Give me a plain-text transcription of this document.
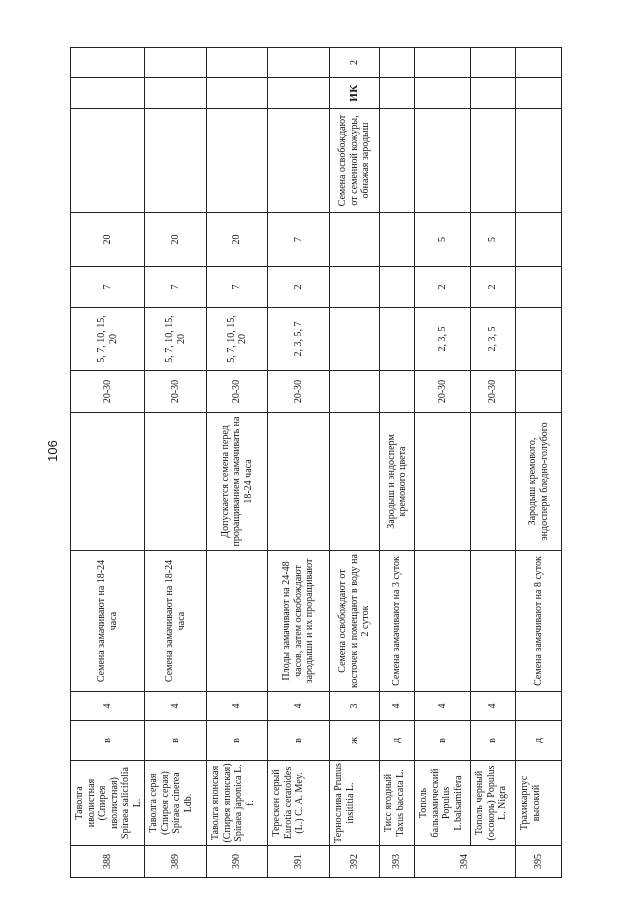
106
388	Таволга иволистная (Спирея иволистная) Spiraea salicifolia L.	в	4	Семена замачивают на 18-24 часа		20-30	5, 7, 10, 15, 20	7	20			
389	Таволга серая (Спирея серая) Spiraea cinerea Ldb.	в	4	Семена замачивают на 18-24 часа		20-30	5, 7, 10, 15, 20	7	20			
390	Таволга японская (Спирея японская) Spiraea japonica L. f.	в	4		Допускается семена перед проращиванием замачивать на 18-24 часа	20-30	5, 7, 10, 15, 20	7	20			
391	Терескен серый Eurotia ceratoides (L.) C. A. Mey.	в	4	Плоды замачивают на 24-48 часов, затем освобождают зародыши и их проращивают		20-30	2, 3, 5, 7	2	7			
392	Тернослива Prunus insititia L.	ж	3	Семена освобождают от косточек и помещают в воду на 2 суток						Семена освобождают от семенной кожуры, обнажая зародыш	ИК	2
393	Тисс ягодный Taxus baccata L.	д	4	Семена замачивают на 3 суток	Зародыш и эндосперм кремового цвета							
394	Тополь бальзамический Populus L.balsamifera	в	4			20-30	2, 3, 5	2	5			
	Тополь черный (осокорь) Populus L. Nigra	в	4			20-30	2, 3, 5	2	5			
395	Трахикарпус высокий	д		Семена замачивают на 8 суток	Зародыш кремового, эндосперм бледно-голубого							
